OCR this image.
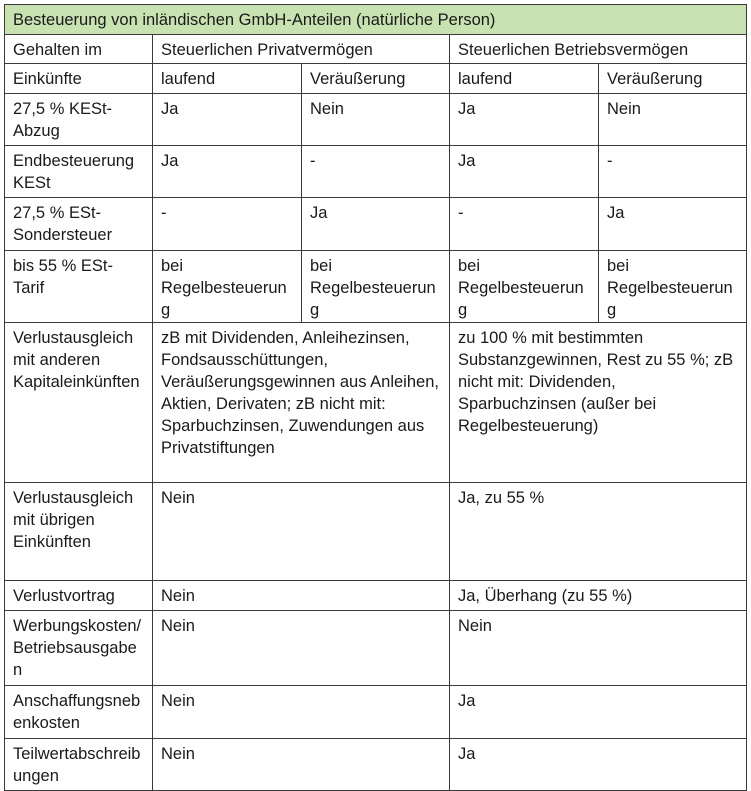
Besteuerung von inländischen GmbH-Anteilen (natürliche Person)				
Gehalten im	Steuerlichen Privatvermögen		Steuerlichen Betriebsvermögen	
Einkünfte	laufend	Veräußerung	laufend	Veräußerung
27,5 % KESt-Abzug	Ja	Nein	Ja	Nein
Endbesteuerung KESt	Ja	-	Ja	-
27,5 % ESt-Sondersteuer	-	Ja	-	Ja
bis 55 % ESt-Tarif	bei Regelbesteuerung	bei Regelbesteuerung	bei Regelbesteuerung	bei Regelbesteuerung
Verlustausgleich mit anderen Kapitaleinkünften	zB mit Dividenden, Anleihezinsen, Fondsausschüttungen, Veräußerungsgewinnen aus Anleihen, Aktien, Derivaten; zB nicht mit: Sparbuchzinsen, Zuwendungen aus Privatstiftungen		zu 100 % mit bestimmten Substanzgewinnen, Rest zu 55 %; zB nicht mit: Dividenden, Sparbuchzinsen (außer bei Regelbesteuerung)	
Verlustausgleich mit übrigen Einkünften	Nein		Ja, zu 55 %	
Verlustvortrag	Nein		Ja, Überhang (zu 55 %)	
Werbungskosten/Betriebsausgaben	Nein		Nein	
Anschaffungsnebenkosten	Nein		Ja	
Teilwertabschreibungen	Nein		Ja	
